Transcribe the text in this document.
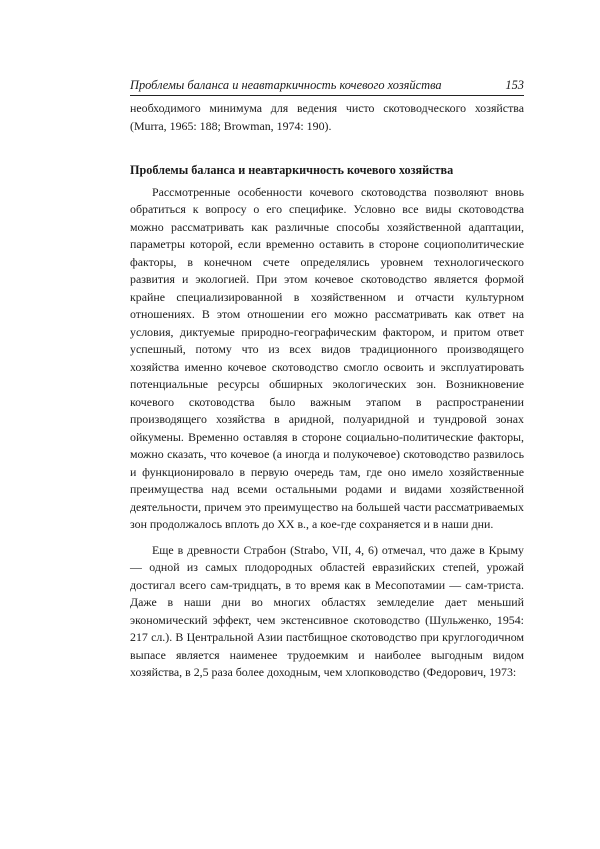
Проблемы баланса и неавтаркичность кочевого хозяйства	153

необходимого минимума для ведения чисто скотоводческого хозяйства (Murra, 1965: 188; Browman, 1974: 190).

Проблемы баланса и неавтаркичность кочевого хозяйства

Рассмотренные особенности кочевого скотоводства позволяют вновь обратиться к вопросу о его специфике. Условно все виды скотоводства можно рассматривать как различные способы хозяйственной адаптации, параметры которой, если временно оставить в стороне социополитические факторы, в конечном счете определялись уровнем технологического развития и экологией. При этом кочевое скотоводство является формой крайне специализированной в хозяйственном и отчасти культурном отношениях. В этом отношении его можно рассматривать как ответ на условия, диктуемые природно-географическим фактором, и притом ответ успешный, потому что из всех видов традиционного производящего хозяйства именно кочевое скотоводство смогло освоить и эксплуатировать потенциальные ресурсы обширных экологических зон. Возникновение кочевого скотоводства было важным этапом в распространении производящего хозяйства в аридной, полуаридной и тундровой зонах ойкумены. Временно оставляя в стороне социально-политические факторы, можно сказать, что кочевое (а иногда и полукочевое) скотоводство развилось и функционировало в первую очередь там, где оно имело хозяйственные преимущества над всеми остальными родами и видами хозяйственной деятельности, причем это преимущество на большей части рассматриваемых зон продолжалось вплоть до XX в., а кое-где сохраняется и в наши дни.

Еще в древности Страбон (Strabo, VII, 4, 6) отмечал, что даже в Крыму — одной из самых плодородных областей евразийских степей, урожай достигал всего сам-тридцать, в то время как в Месопотамии — сам-триста. Даже в наши дни во многих областях земледелие дает меньший экономический эффект, чем экстенсивное скотоводство (Шульженко, 1954: 217 сл.). В Центральной Азии пастбищное скотоводство при круглогодичном выпасе является наименее трудоемким и наиболее выгодным видом хозяйства, в 2,5 раза более доходным, чем хлопководство (Федорович, 1973:
